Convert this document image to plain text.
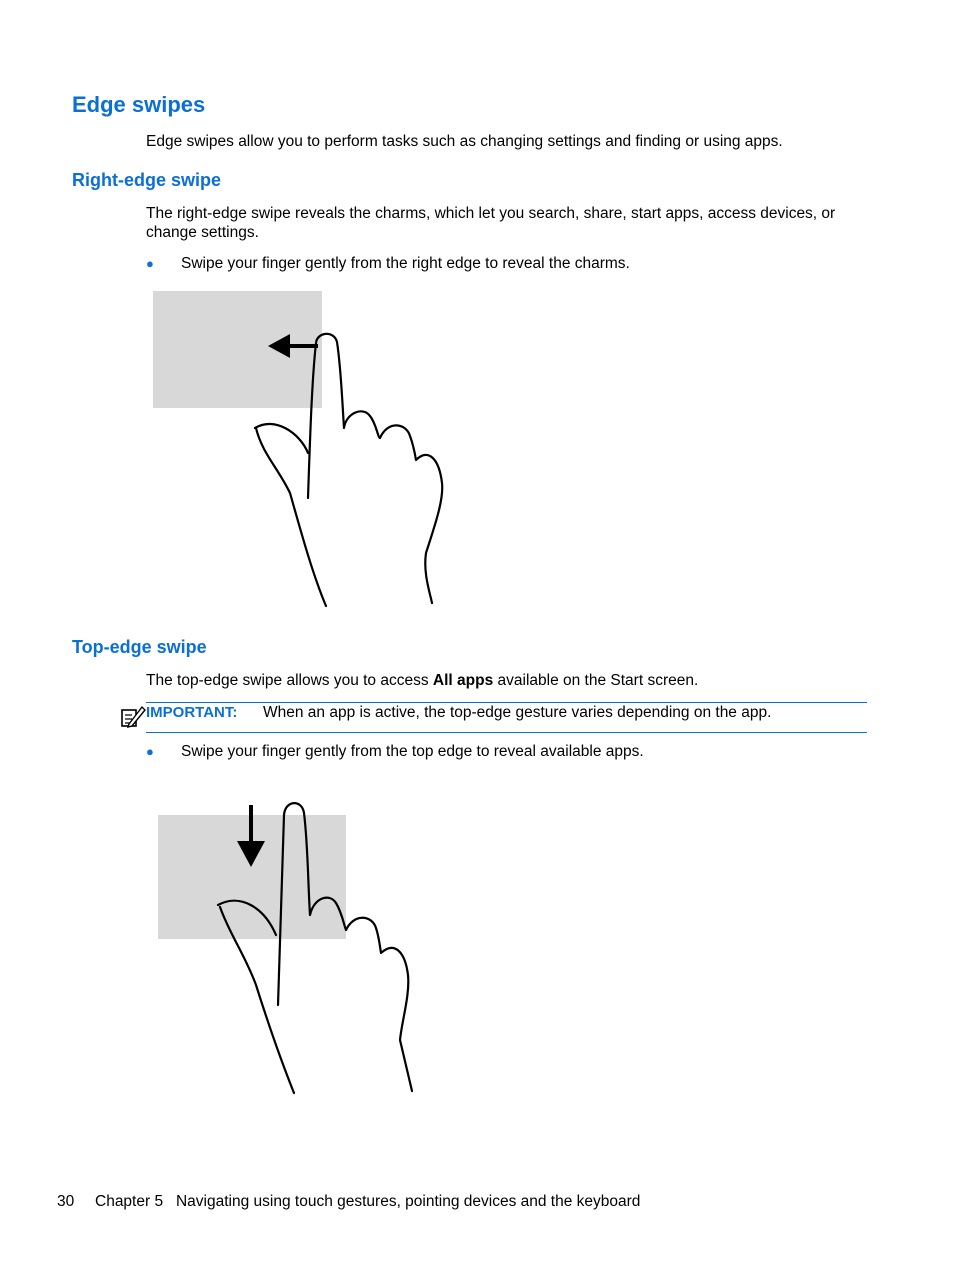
Edge swipes

Edge swipes allow you to perform tasks such as changing settings and finding or using apps.

Right-edge swipe

The right-edge swipe reveals the charms, which let you search, share, start apps, access devices, or change settings.

● Swipe your finger gently from the right edge to reveal the charms.
Top-edge swipe

The top-edge swipe allows you to access All apps available on the Start screen.

IMPORTANT: When an app is active, the top-edge gesture varies depending on the app.
● Swipe your finger gently from the top edge to reveal available apps.
30 Chapter 5   Navigating using touch gestures, pointing devices and the keyboard
